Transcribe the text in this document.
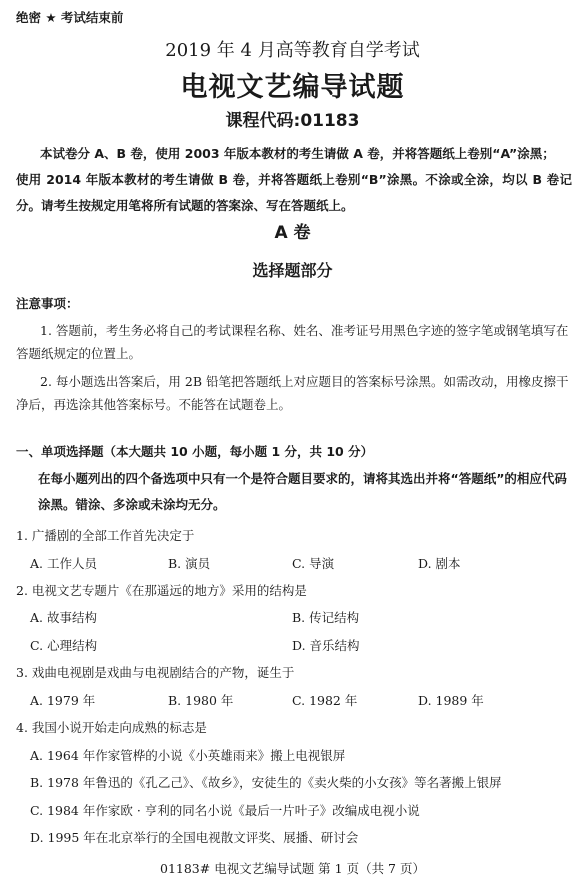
绝密 ★ 考试结束前
2019 年 4 月高等教育自学考试
电视文艺编导试题
课程代码:01183
本试卷分 A、B 卷，使用 2003 年版本教材的考生请做 A 卷，并将答题纸上卷别“A”涂黑；
使用 2014 年版本教材的考生请做 B 卷，并将答题纸上卷别“B”涂黑。不涂或全涂，均以 B 卷记分。请考生按规定用笔将所有试题的答案涂、写在答题纸上。
A 卷
选择题部分
注意事项：
1. 答题前，考生务必将自己的考试课程名称、姓名、准考证号用黑色字迹的签字笔或钢笔填写在答题纸规定的位置上。
2. 每小题选出答案后，用 2B 铅笔把答题纸上对应题目的答案标号涂黑。如需改动，用橡皮擦干净后，再选涂其他答案标号。不能答在试题卷上。
一、单项选择题（本大题共 10 小题，每小题 1 分，共 10 分）
在每小题列出的四个备选项中只有一个是符合题目要求的，请将其选出并将“答题纸”的相应代码涂黑。错涂、多涂或未涂均无分。
1. 广播剧的全部工作首先决定于
A. 工作人员	B. 演员	C. 导演	D. 剧本
2. 电视文艺专题片《在那遥远的地方》采用的结构是
A. 故事结构	B. 传记结构
C. 心理结构	D. 音乐结构
3. 戏曲电视剧是戏曲与电视剧结合的产物，诞生于
A. 1979 年	B. 1980 年	C. 1982 年	D. 1989 年
4. 我国小说开始走向成熟的标志是
A. 1964 年作家管桦的小说《小英雄雨来》搬上电视银屏
B. 1978 年鲁迅的《孔乙己》、《故乡》，安徒生的《卖火柴的小女孩》等名著搬上银屏
C. 1984 年作家欧 · 亨利的同名小说《最后一片叶子》改编成电视小说
D. 1995 年在北京举行的全国电视散文评奖、展播、研讨会
01183# 电视文艺编导试题 第 1 页（共 7 页）
